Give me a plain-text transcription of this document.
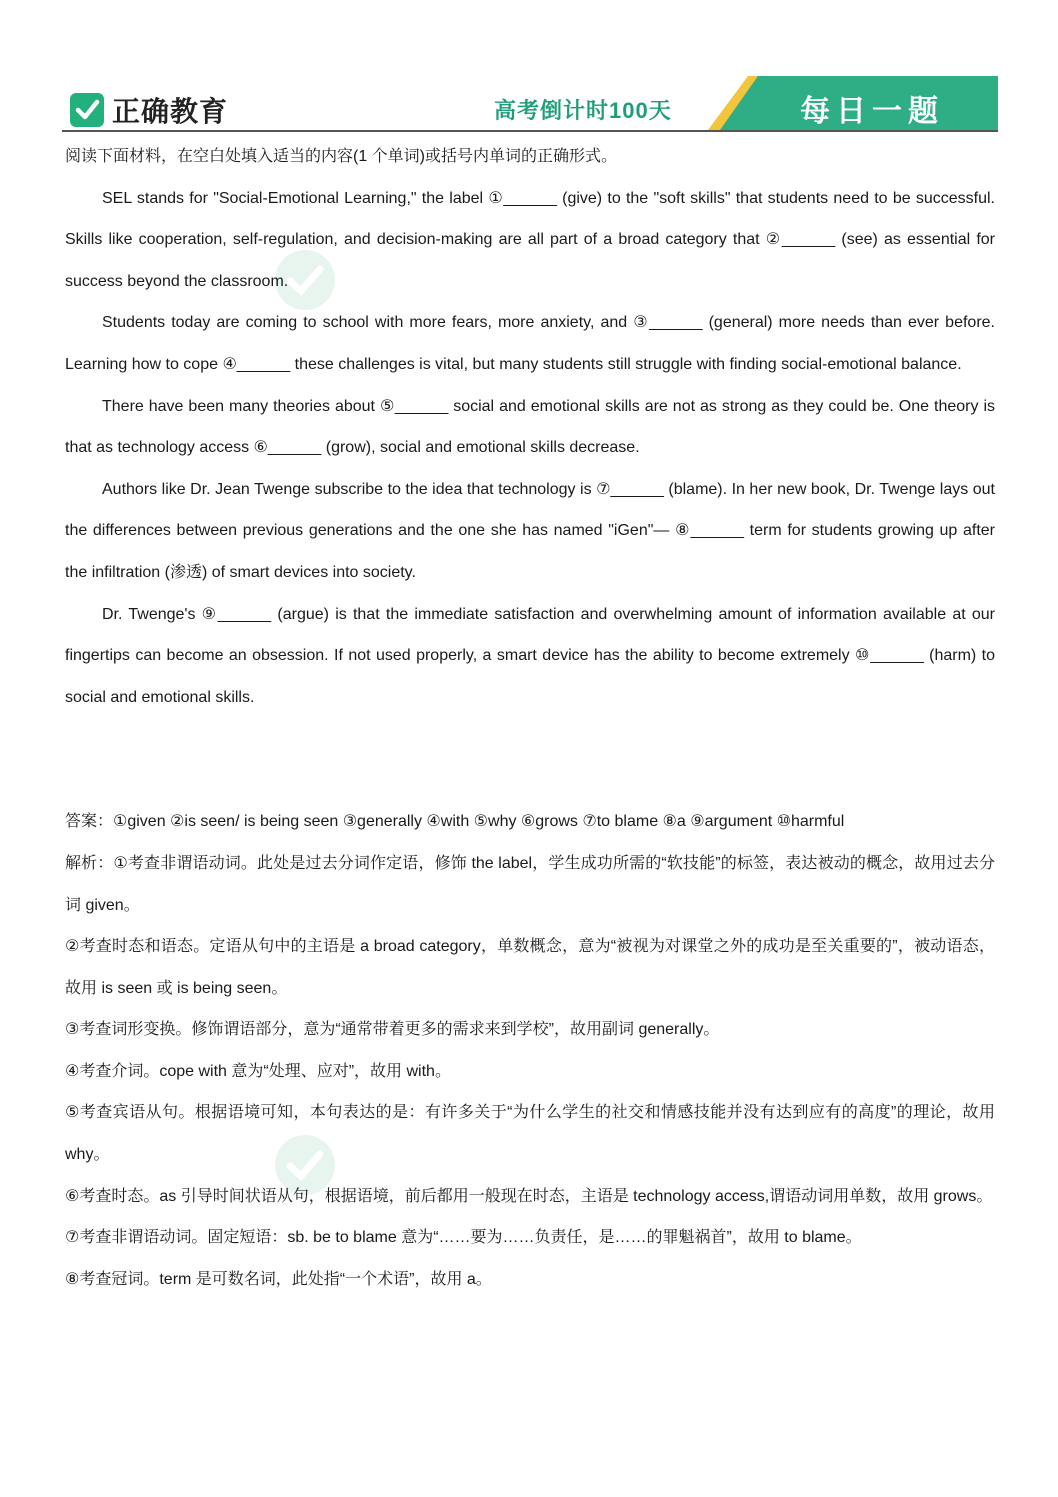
正确教育	高考倒计时100天	每日一题
阅读下面材料，在空白处填入适当的内容(1 个单词)或括号内单词的正确形式。
SEL stands for "Social-Emotional Learning," the label ①______ (give) to the "soft skills" that students need to be successful. Skills like cooperation, self-regulation, and decision-making are all part of a broad category that ②______ (see) as essential for success beyond the classroom.
Students today are coming to school with more fears, more anxiety, and ③______ (general) more needs than ever before. Learning how to cope ④______ these challenges is vital, but many students still struggle with finding social-emotional balance.
There have been many theories about ⑤______ social and emotional skills are not as strong as they could be. One theory is that as technology access ⑥______ (grow), social and emotional skills decrease.
Authors like Dr. Jean Twenge subscribe to the idea that technology is ⑦______ (blame). In her new book, Dr. Twenge lays out the differences between previous generations and the one she has named "iGen"— ⑧______ term for students growing up after the infiltration (渗透) of smart devices into society.
Dr. Twenge's ⑨______ (argue) is that the immediate satisfaction and overwhelming amount of information available at our fingertips can become an obsession. If not used properly, a smart device has the ability to become extremely ⑩______ (harm) to social and emotional skills.
答案：①given ②is seen/ is being seen ③generally ④with ⑤why ⑥grows ⑦to blame ⑧a ⑨argument ⑩harmful
解析：①考查非谓语动词。此处是过去分词作定语，修饰 the label，学生成功所需的“软技能”的标签，表达被动的概念，故用过去分词 given。
②考查时态和语态。定语从句中的主语是 a broad category，单数概念，意为“被视为对课堂之外的成功是至关重要的”，被动语态，故用 is seen 或 is being seen。
③考查词形变换。修饰谓语部分，意为“通常带着更多的需求来到学校”，故用副词 generally。
④考查介词。cope with 意为“处理、应对”，故用 with。
⑤考查宾语从句。根据语境可知，本句表达的是：有许多关于“为什么学生的社交和情感技能并没有达到应有的高度”的理论，故用 why。
⑥考查时态。as 引导时间状语从句，根据语境，前后都用一般现在时态，主语是 technology access,谓语动词用单数，故用 grows。
⑦考查非谓语动词。固定短语：sb. be to blame 意为“……要为……负责任，是……的罪魁祸首”，故用 to blame。
⑧考查冠词。term 是可数名词，此处指“一个术语”，故用 a。
